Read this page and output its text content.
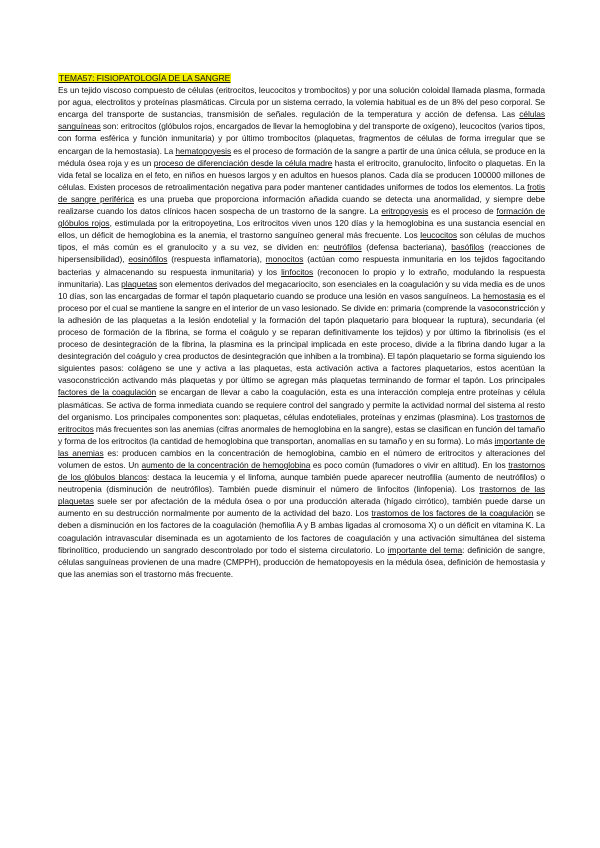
TEMA57: FISIOPATOLOGÍA DE LA SANGRE

Es un tejido viscoso compuesto de células (eritrocitos, leucocitos y trombocitos) y por una solución coloidal llamada plasma, formada por agua, electrolitos y proteínas plasmáticas. Circula por un sistema cerrado, la volemia habitual es de un 8% del peso corporal. Se encarga del transporte de sustancias, transmisión de señales. regulación de la temperatura y acción de defensa. Las células sanguíneas son: eritrocitos (glóbulos rojos, encargados de llevar la hemoglobina y del transporte de oxígeno), leucocitos (varios tipos, con forma esférica y función inmunitaria) y por último trombocitos (plaquetas, fragmentos de células de forma irregular que se encargan de la hemostasia). La hematopoyesis es el proceso de formación de la sangre a partir de una única célula, se produce en la médula ósea roja y es un proceso de diferenciación desde la célula madre hasta el eritrocito, granulocito, linfocito o plaquetas. En la vida fetal se localiza en el feto, en niños en huesos largos y en adultos en huesos planos. Cada día se producen 100000 millones de células. Existen procesos de retroalimentación negativa para poder mantener cantidades uniformes de todos los elementos. La frotis de sangre periférica es una prueba que proporciona información añadida cuando se detecta una anormalidad, y siempre debe realizarse cuando los datos clínicos hacen sospecha de un trastorno de la sangre. La eritropoyesis es el proceso de formación de glóbulos rojos, estimulada por la eritropoyetina, Los eritrocitos viven unos 120 días y la hemoglobina es una sustancia esencial en ellos, un déficit de hemoglobina es la anemia, el trastorno sanguíneo general más frecuente. Los leucocitos son células de muchos tipos, el más común es el granulocito y a su vez, se dividen en: neutrófilos (defensa bacteriana), basófilos (reacciones de hipersensibilidad), eosinófilos (respuesta inflamatoria), monocitos (actúan como respuesta inmunitaria en los tejidos fagocitando bacterias y almacenando su respuesta inmunitaria) y los linfocitos (reconocen lo propio y lo extraño, modulando la respuesta inmunitaria). Las plaquetas son elementos derivados del megacariocito, son esenciales en la coagulación y su vida media es de unos 10 días, son las encargadas de formar el tapón plaquetario cuando se produce una lesión en vasos sanguíneos. La hemostasia es el proceso por el cual se mantiene la sangre en el interior de un vaso lesionado. Se divide en: primaria (comprende la vasoconstricción y la adhesión de las plaquetas a la lesión endotelial y la formación del tapón plaquetario para bloquear la ruptura), secundaria (el proceso de formación de la fibrina, se forma el coágulo y se reparan definitivamente los tejidos) y por último la fibrinolisis (es el proceso de desintegración de la fibrina, la plasmina es la principal implicada en este proceso, divide a la fibrina dando lugar a la desintegración del coágulo y crea productos de desintegración que inhiben a la trombina). El tapón plaquetario se forma siguiendo los siguientes pasos: colágeno se une y activa a las plaquetas, esta activación activa a factores plaquetarios, estos acentúan la vasoconstricción activando más plaquetas y por último se agregan más plaquetas terminando de formar el tapón. Los principales factores de la coagulación se encargan de llevar a cabo la coagulación, esta es una interacción compleja entre proteínas y célula plasmáticas. Se activa de forma inmediata cuando se requiere control del sangrado y permite la actividad normal del sistema al resto del organismo. Los principales componentes son: plaquetas, células endoteliales, proteínas y enzimas (plasmina). Los trastornos de eritrocitos más frecuentes son las anemias (cifras anormales de hemoglobina en la sangre), estas se clasifican en función del tamaño y forma de los eritrocitos (la cantidad de hemoglobina que transportan, anomalías en su tamaño y en su forma). Lo más importante de las anemias es: producen cambios en la concentración de hemoglobina, cambio en el número de eritrocitos y alteraciones del volumen de estos. Un aumento de la concentración de hemoglobina es poco común (fumadores o vivir en altitud). En los trastornos de los glóbulos blancos: destaca la leucemia y el linfoma, aunque también puede aparecer neutrofilia (aumento de neutrófilos) o neutropenia (disminución de neutrófilos). También puede disminuir el número de linfocitos (linfopenia). Los trastornos de las plaquetas suele ser por afectación de la médula ósea o por una producción alterada (hígado cirrótico), también puede darse un aumento en su destrucción normalmente por aumento de la actividad del bazo. Los trastornos de los factores de la coagulación se deben a disminución en los factores de la coagulación (hemofilia A y B ambas ligadas al cromosoma X) o un déficit en vitamina K. La coagulación intravascular diseminada es un agotamiento de los factores de coagulación y una activación simultánea del sistema fibrinolítico, produciendo un sangrado descontrolado por todo el sistema circulatorio. Lo importante del tema: definición de sangre, células sanguíneas provienen de una madre (CMPPH), producción de hematopoyesis en la médula ósea, definición de hemostasia y que las anemias son el trastorno más frecuente.
